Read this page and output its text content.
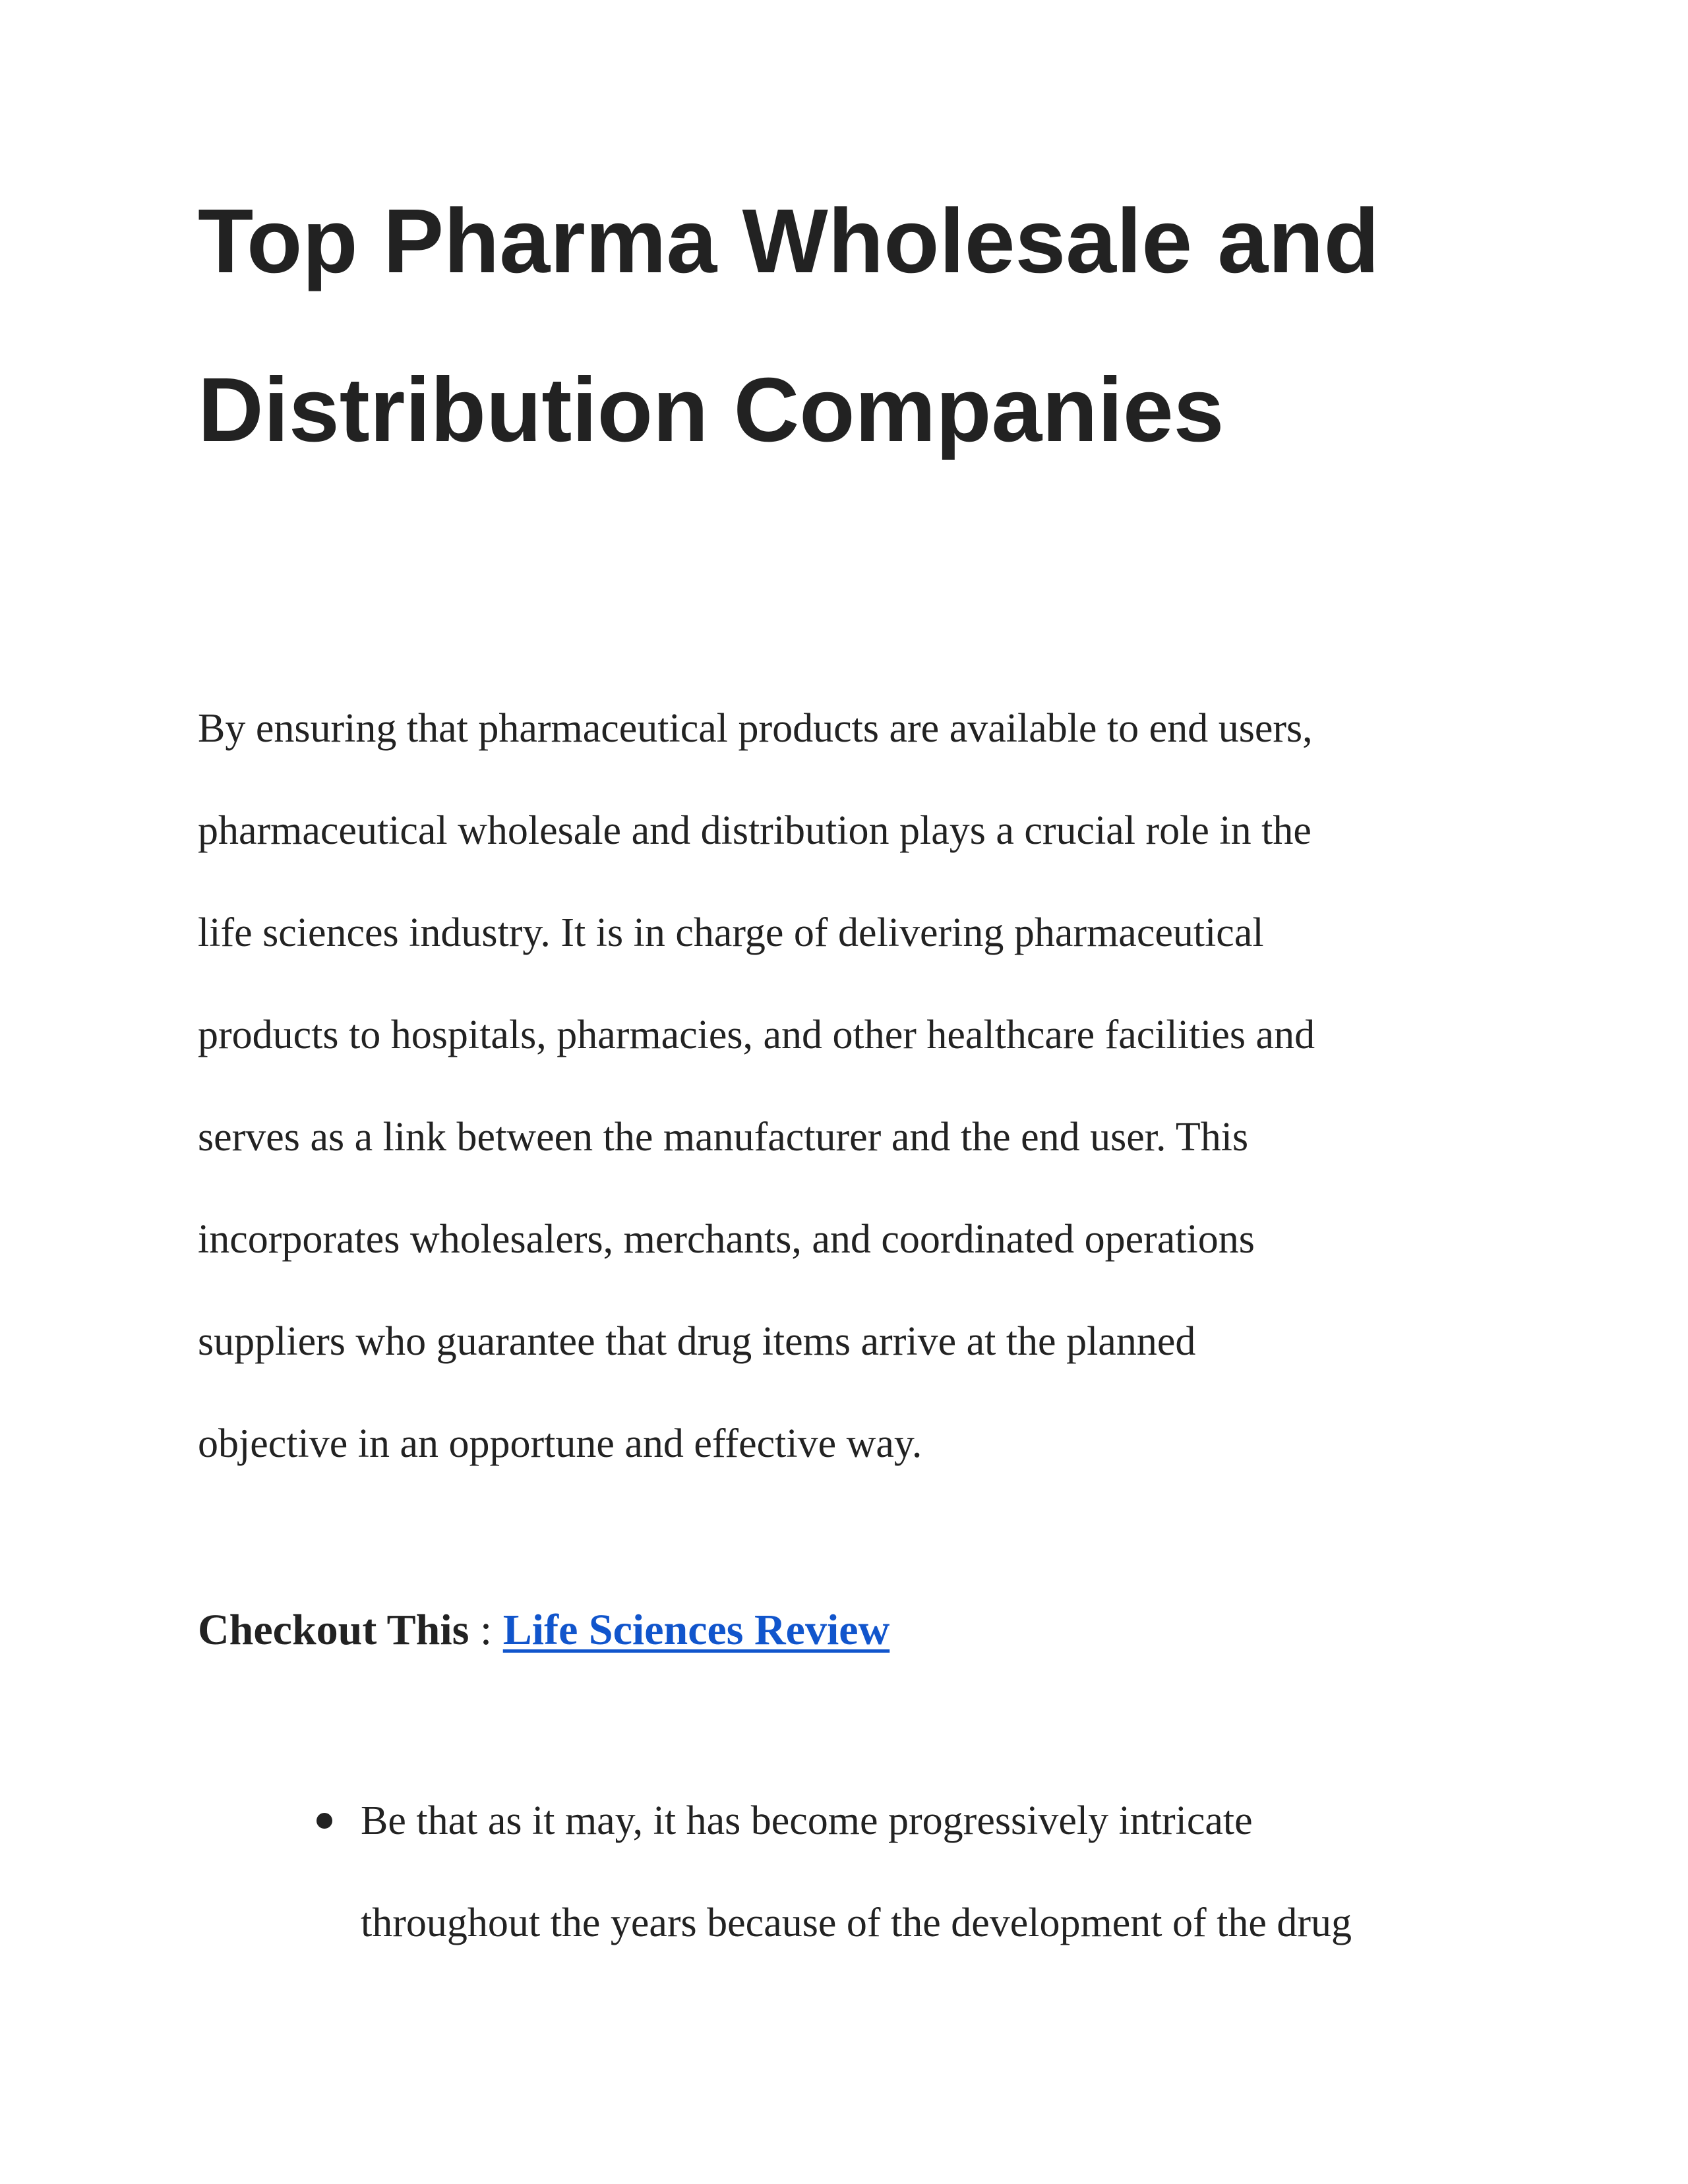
Top Pharma Wholesale and
Distribution Companies

By ensuring that pharmaceutical products are available to end users,
pharmaceutical wholesale and distribution plays a crucial role in the
life sciences industry. It is in charge of delivering pharmaceutical
products to hospitals, pharmacies, and other healthcare facilities and
serves as a link between the manufacturer and the end user. This
incorporates wholesalers, merchants, and coordinated operations
suppliers who guarantee that drug items arrive at the planned
objective in an opportune and effective way.

Checkout This : Life Sciences Review

Be that as it may, it has become progressively intricate
throughout the years because of the development of the drug
